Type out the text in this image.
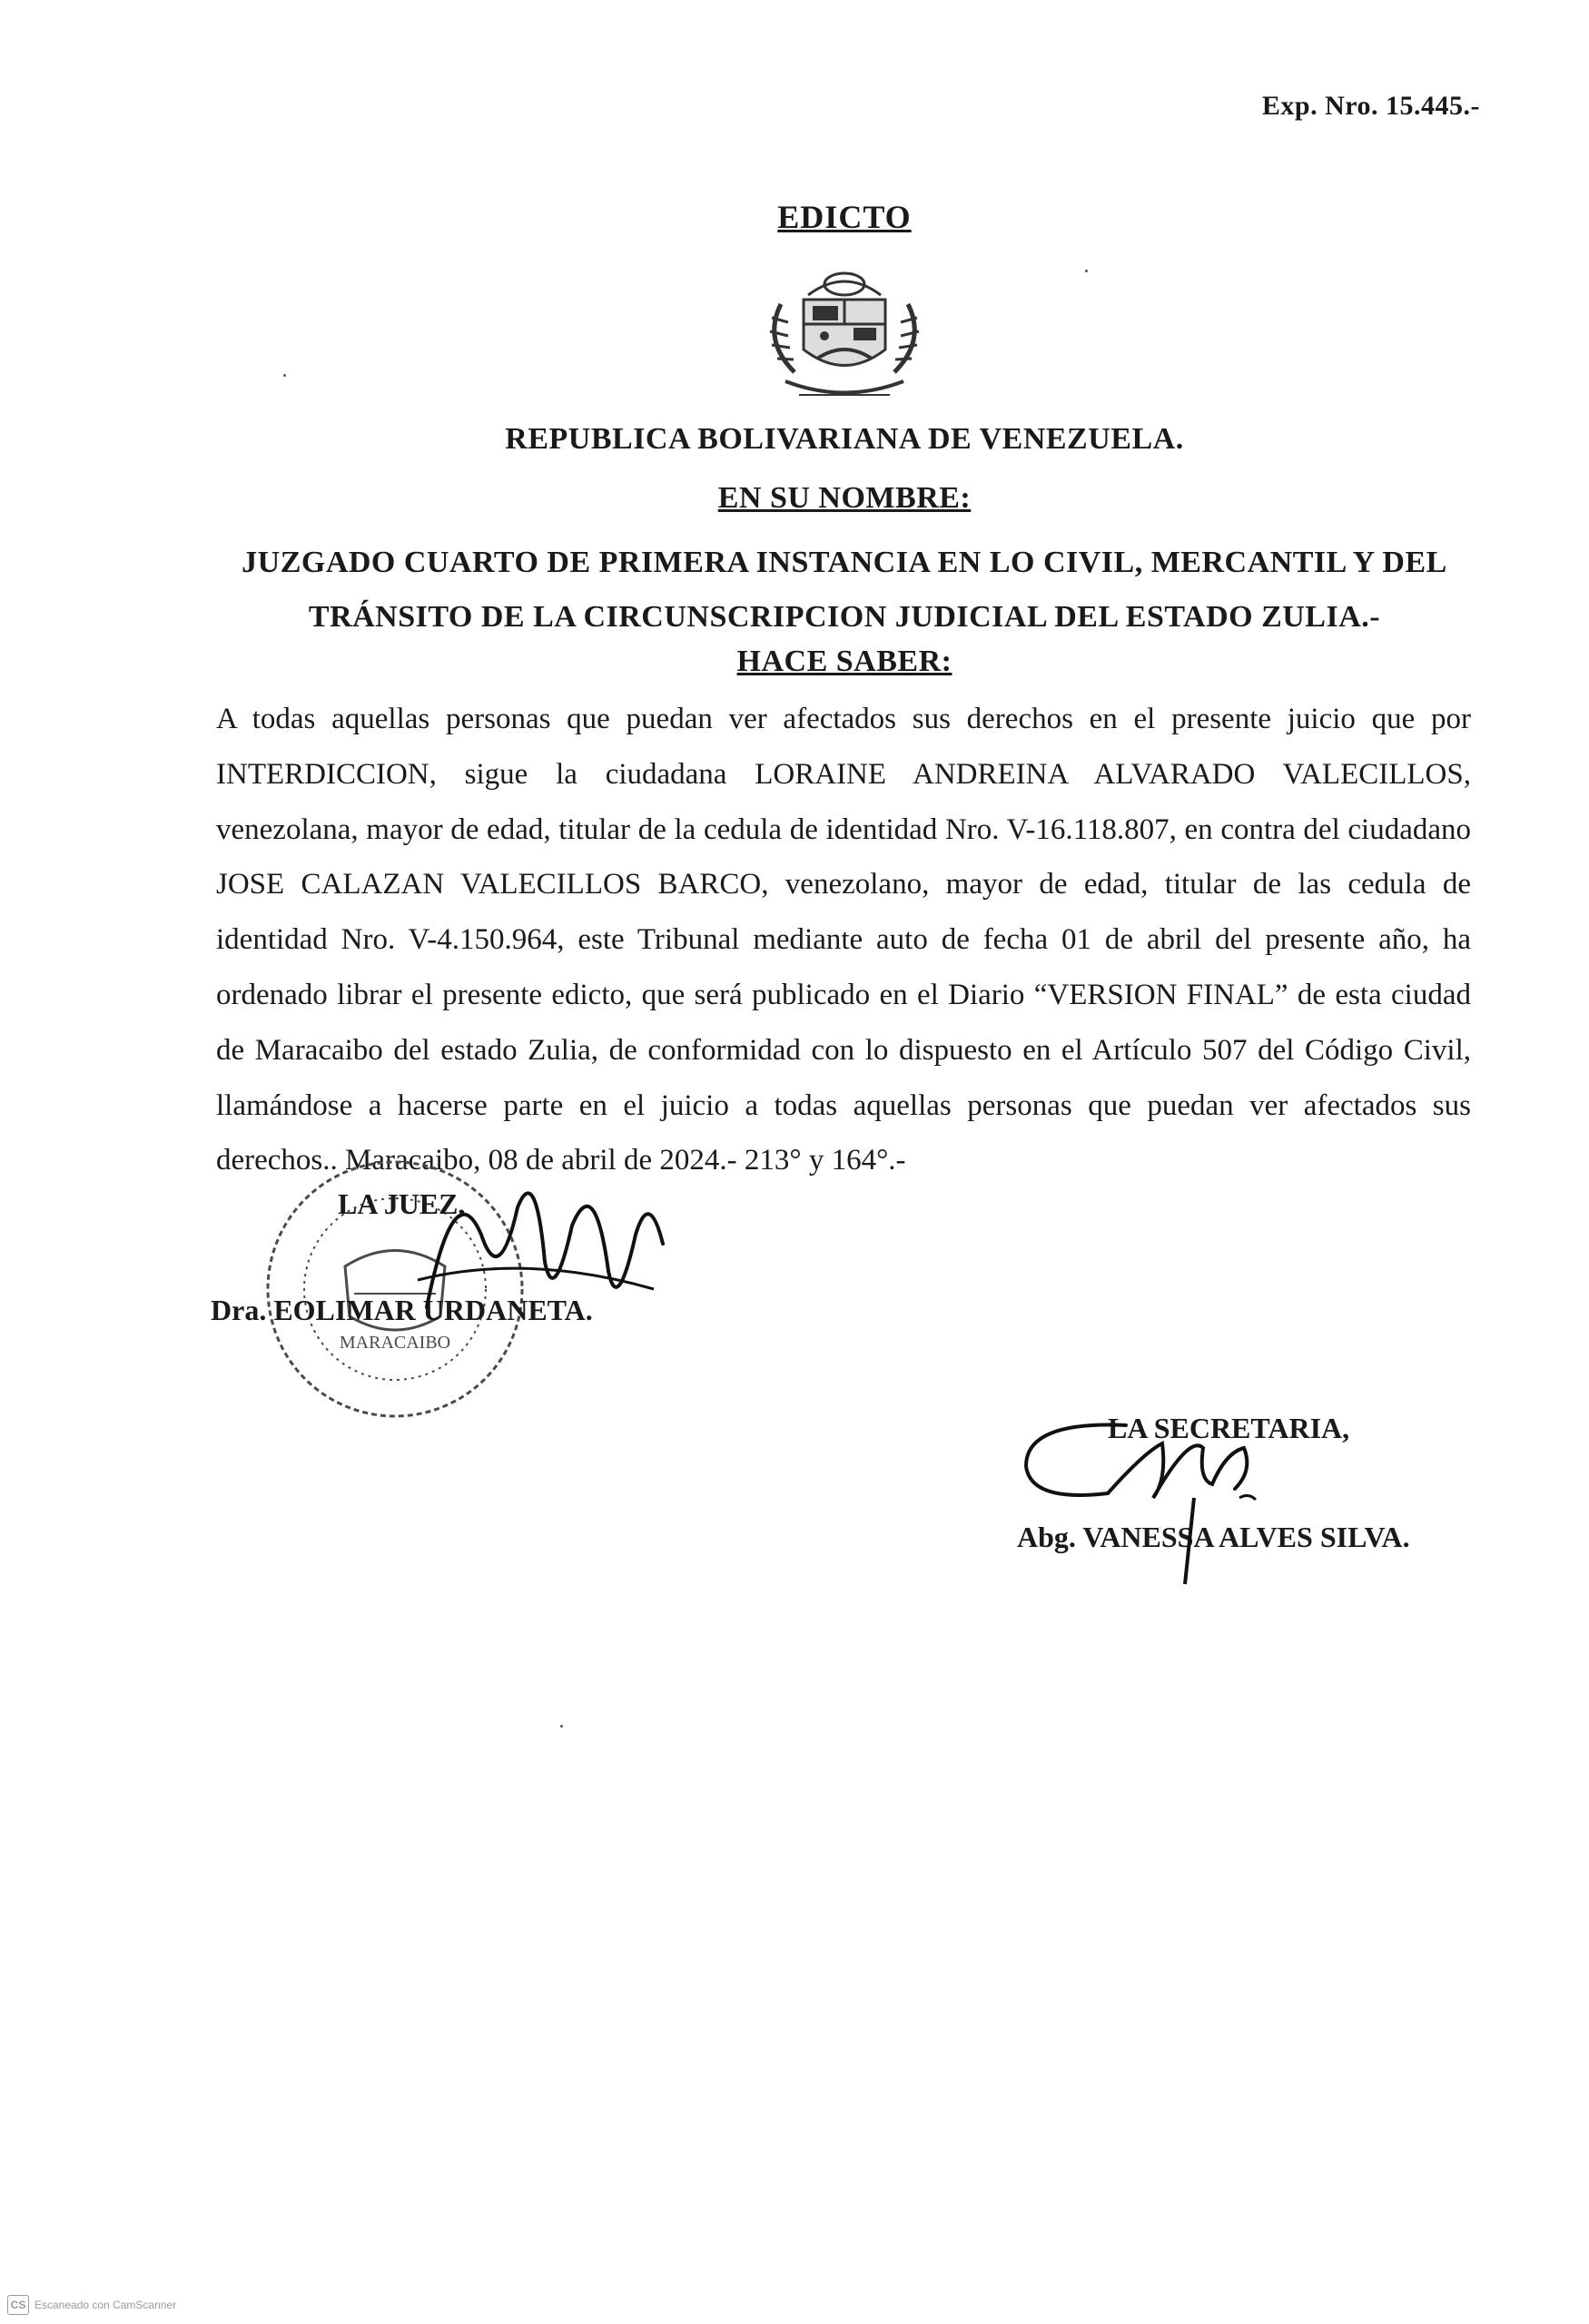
Exp. Nro. 15.445.-
EDICTO
REPUBLICA BOLIVARIANA DE VENEZUELA.
EN SU NOMBRE:
JUZGADO CUARTO DE PRIMERA INSTANCIA EN LO CIVIL, MERCANTIL Y DEL TRÁNSITO DE LA CIRCUNSCRIPCION JUDICIAL DEL ESTADO ZULIA.-
HACE SABER:
A todas aquellas personas que puedan ver afectados sus derechos en el presente juicio que por INTERDICCION, sigue la ciudadana LORAINE ANDREINA ALVARADO VALECILLOS, venezolana, mayor de edad, titular de la cedula de identidad Nro. V-16.118.807, en contra del ciudadano JOSE CALAZAN VALECILLOS BARCO, venezolano, mayor de edad, titular de las cedula de identidad Nro. V-4.150.964, este Tribunal mediante auto de fecha 01 de abril del presente año, ha ordenado librar el presente edicto, que será publicado en el Diario “VERSION FINAL” de esta ciudad de Maracaibo del estado Zulia, de conformidad con lo dispuesto en el Artículo 507 del Código Civil, llamándose a hacerse parte en el juicio a todas aquellas personas que puedan ver afectados sus derechos.. Maracaibo, 08 de abril de 2024.- 213° y 164°.-
MARACAIBO
LA JUEZ,
Dra. EOLIMAR URDANETA.
LA SECRETARIA,
Abg. VANESSA ALVES SILVA.
CS Escaneado con CamScanner
